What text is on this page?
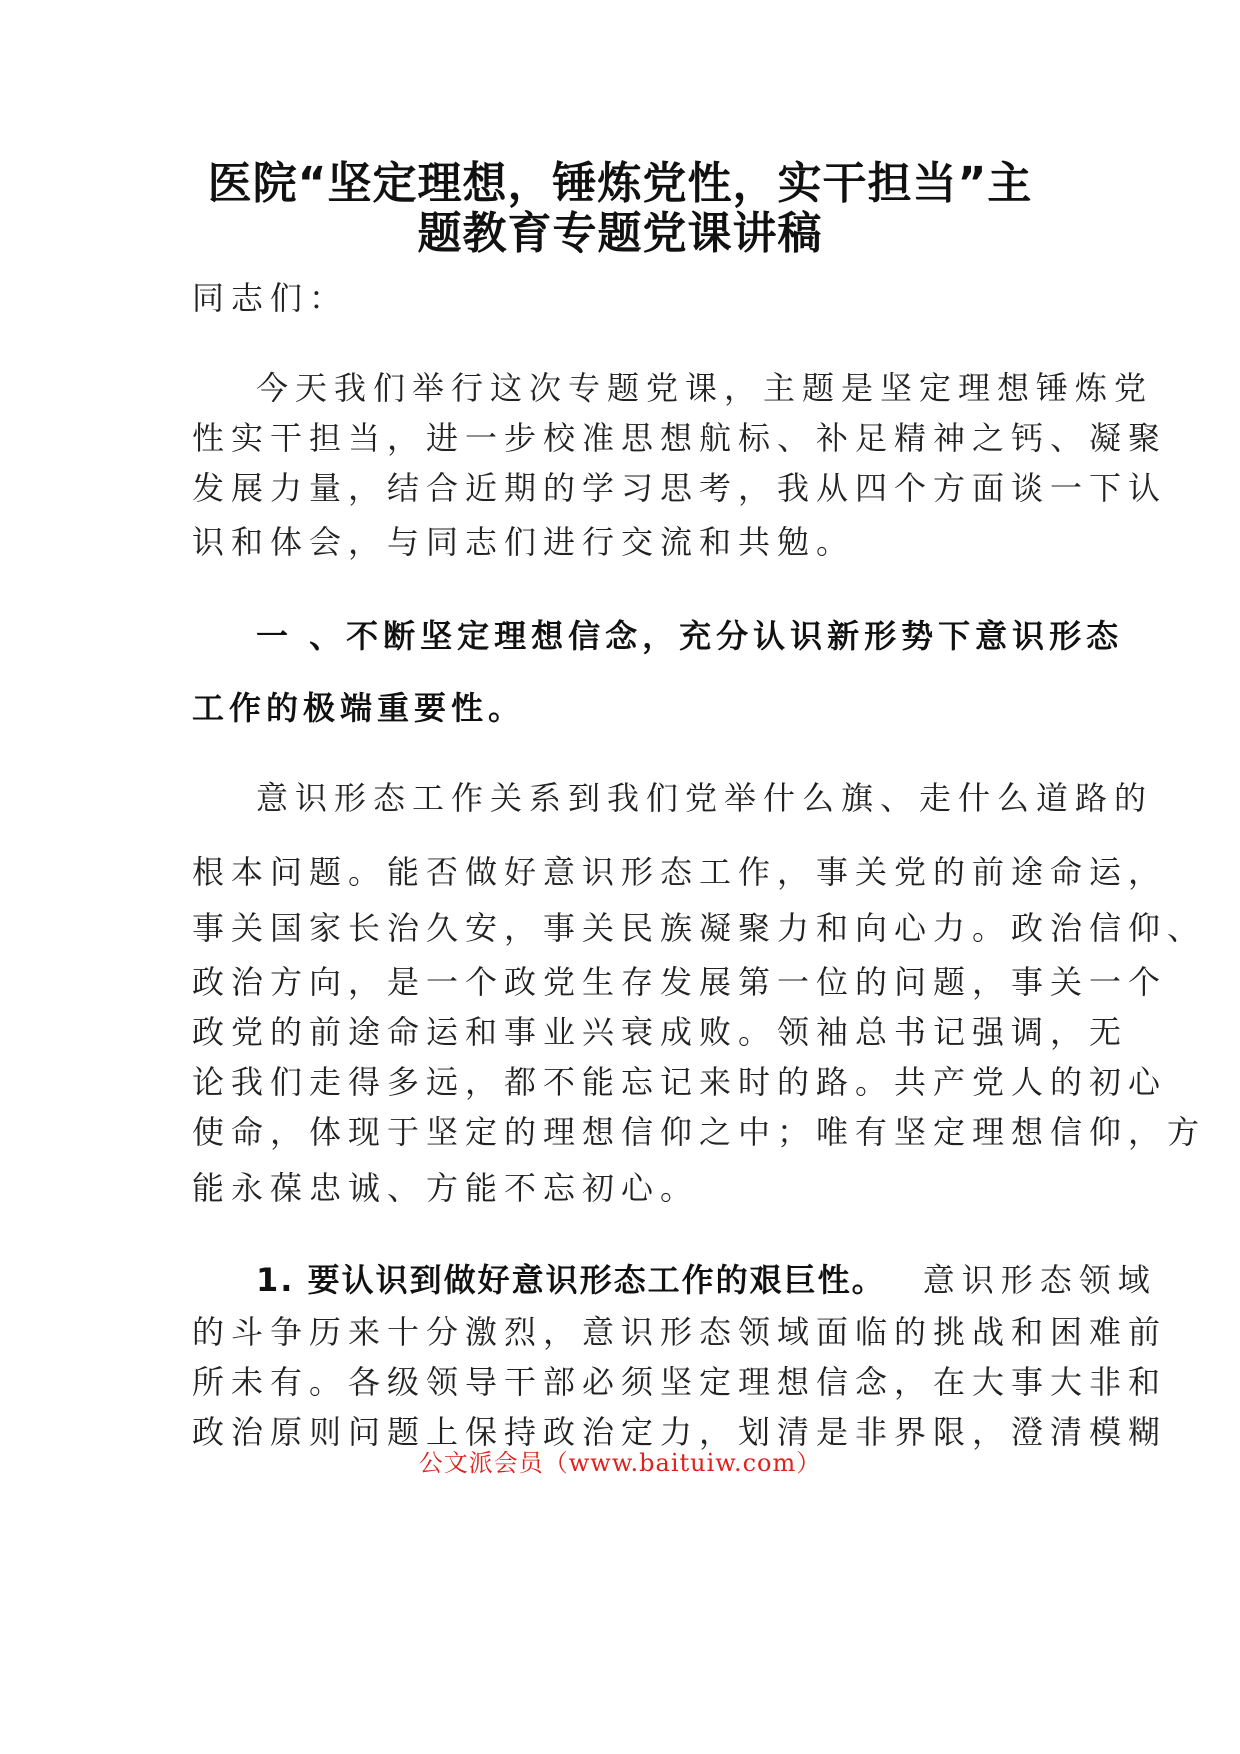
医院“坚定理想，锤炼党性，实干担当”主
题教育专题党课讲稿
同志们：
今天我们举行这次专题党课，主题是坚定理想锤炼党
性实干担当，进一步校准思想航标、补足精神之钙、凝聚
发展力量，结合近期的学习思考，我从四个方面谈一下认
识和体会，与同志们进行交流和共勉。
一 、不断坚定理想信念，充分认识新形势下意识形态
工作的极端重要性。
意识形态工作关系到我们党举什么旗、走什么道路的
根本问题。能否做好意识形态工作，事关党的前途命运，
事关国家长治久安，事关民族凝聚力和向心力。政治信仰、
政治方向，是一个政党生存发展第一位的问题，事关一个
政党的前途命运和事业兴衰成败。领袖总书记强调，无
论我们走得多远，都不能忘记来时的路。共产党人的初心
使命，体现于坚定的理想信仰之中；唯有坚定理想信仰，方
能永葆忠诚、方能不忘初心。
1. 要认识到做好意识形态工作的艰巨性。 意识形态领域
的斗争历来十分激烈，意识形态领域面临的挑战和困难前
所未有。各级领导干部必须坚定理想信念，在大事大非和
政治原则问题上保持政治定力，划清是非界限，澄清模糊
公文派会员（www.baituiw.com）
